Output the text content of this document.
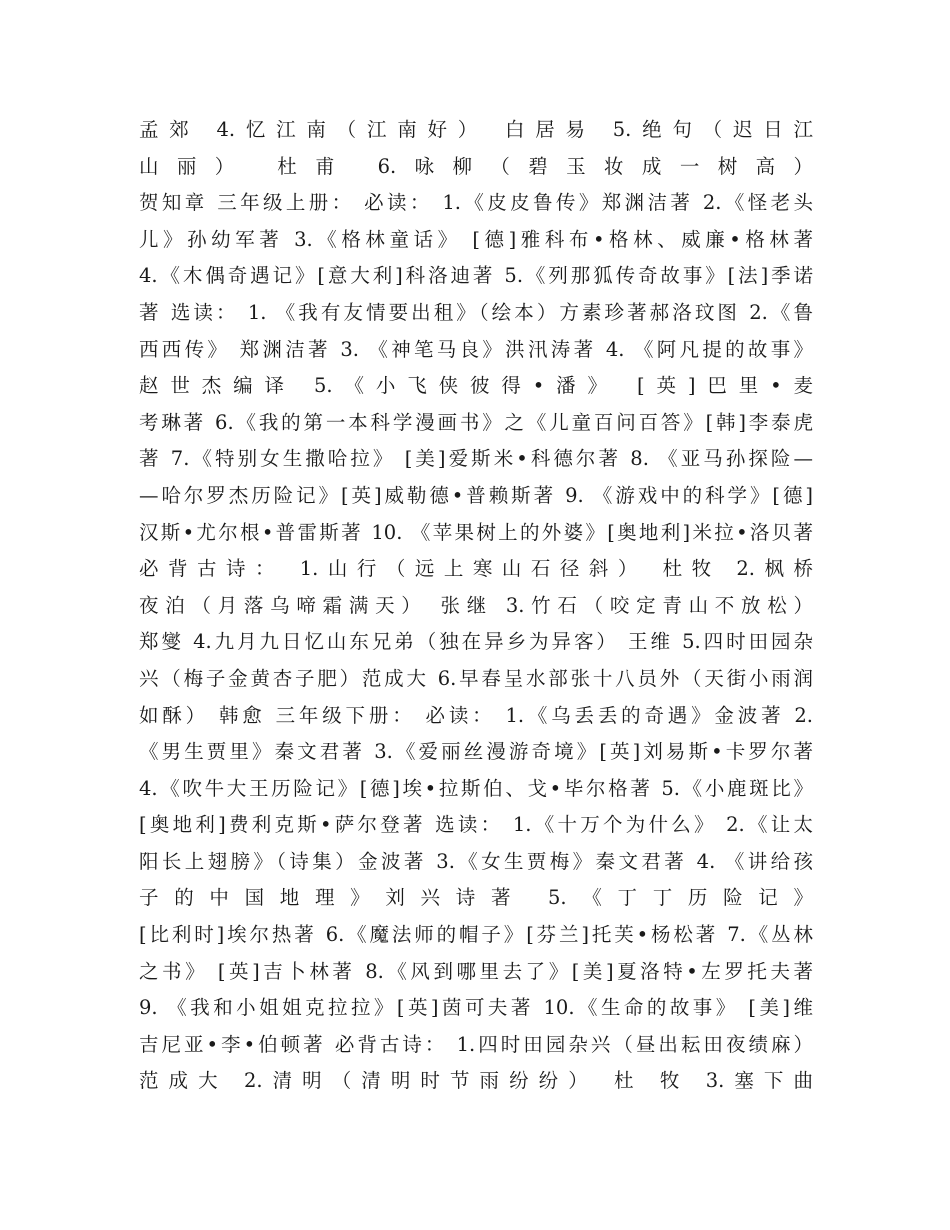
孟郊 4.忆江南（江南好） 白居易 5.绝句（迟日江
山丽） 杜甫 6.咏柳（碧玉妆成一树高）
贺知章 三年级上册： 必读： 1.《皮皮鲁传》郑渊洁著 2.《怪老头
儿》孙幼军著 3.《格林童话》 [德]雅科布•格林、威廉•格林著
4.《木偶奇遇记》[意大利]科洛迪著 5.《列那狐传奇故事》[法]季诺
著 选读： 1. 《我有友情要出租》（绘本）方素珍著郝洛玟图 2.《鲁
西西传》 郑渊洁著 3. 《神笔马良》洪汛涛著 4. 《阿凡提的故事》
赵世杰编译 5.《小飞侠彼得•潘》 [英]巴里•麦
考琳著 6.《我的第一本科学漫画书》之《儿童百问百答》[韩]李泰虎
著 7.《特别女生撒哈拉》 [美]爱斯米•科德尔著 8. 《亚马孙探险—
—哈尔罗杰历险记》[英]威勒德•普赖斯著 9. 《游戏中的科学》[德]
汉斯•尤尔根•普雷斯著 10. 《苹果树上的外婆》[奥地利]米拉•洛贝著
必背古诗： 1.山行（远上寒山石径斜） 杜牧 2.枫桥
夜泊（月落乌啼霜满天） 张继 3.竹石（咬定青山不放松）
郑燮 4.九月九日忆山东兄弟（独在异乡为异客） 王维 5.四时田园杂
兴（梅子金黄杏子肥）范成大 6.早春呈水部张十八员外（天街小雨润
如酥） 韩愈 三年级下册： 必读： 1.《乌丢丢的奇遇》金波著 2.
《男生贾里》秦文君著 3.《爱丽丝漫游奇境》[英]刘易斯•卡罗尔著
4.《吹牛大王历险记》[德]埃•拉斯伯、戈•毕尔格著 5.《小鹿斑比》
[奥地利]费利克斯•萨尔登著 选读： 1.《十万个为什么》 2.《让太
阳长上翅膀》（诗集）金波著 3.《女生贾梅》秦文君著 4. 《讲给孩
子的中国地理》刘兴诗著 5.《丁丁历险记》
[比利时]埃尔热著 6.《魔法师的帽子》[芬兰]托芙•杨松著 7.《丛林
之书》 [英]吉卜林著 8.《风到哪里去了》[美]夏洛特•左罗托夫著
9. 《我和小姐姐克拉拉》[英]茵可夫著 10.《生命的故事》 [美]维
吉尼亚•李•伯顿著 必背古诗： 1.四时田园杂兴（昼出耘田夜绩麻）
范成大 2.清明（清明时节雨纷纷） 杜 牧 3.塞下曲
